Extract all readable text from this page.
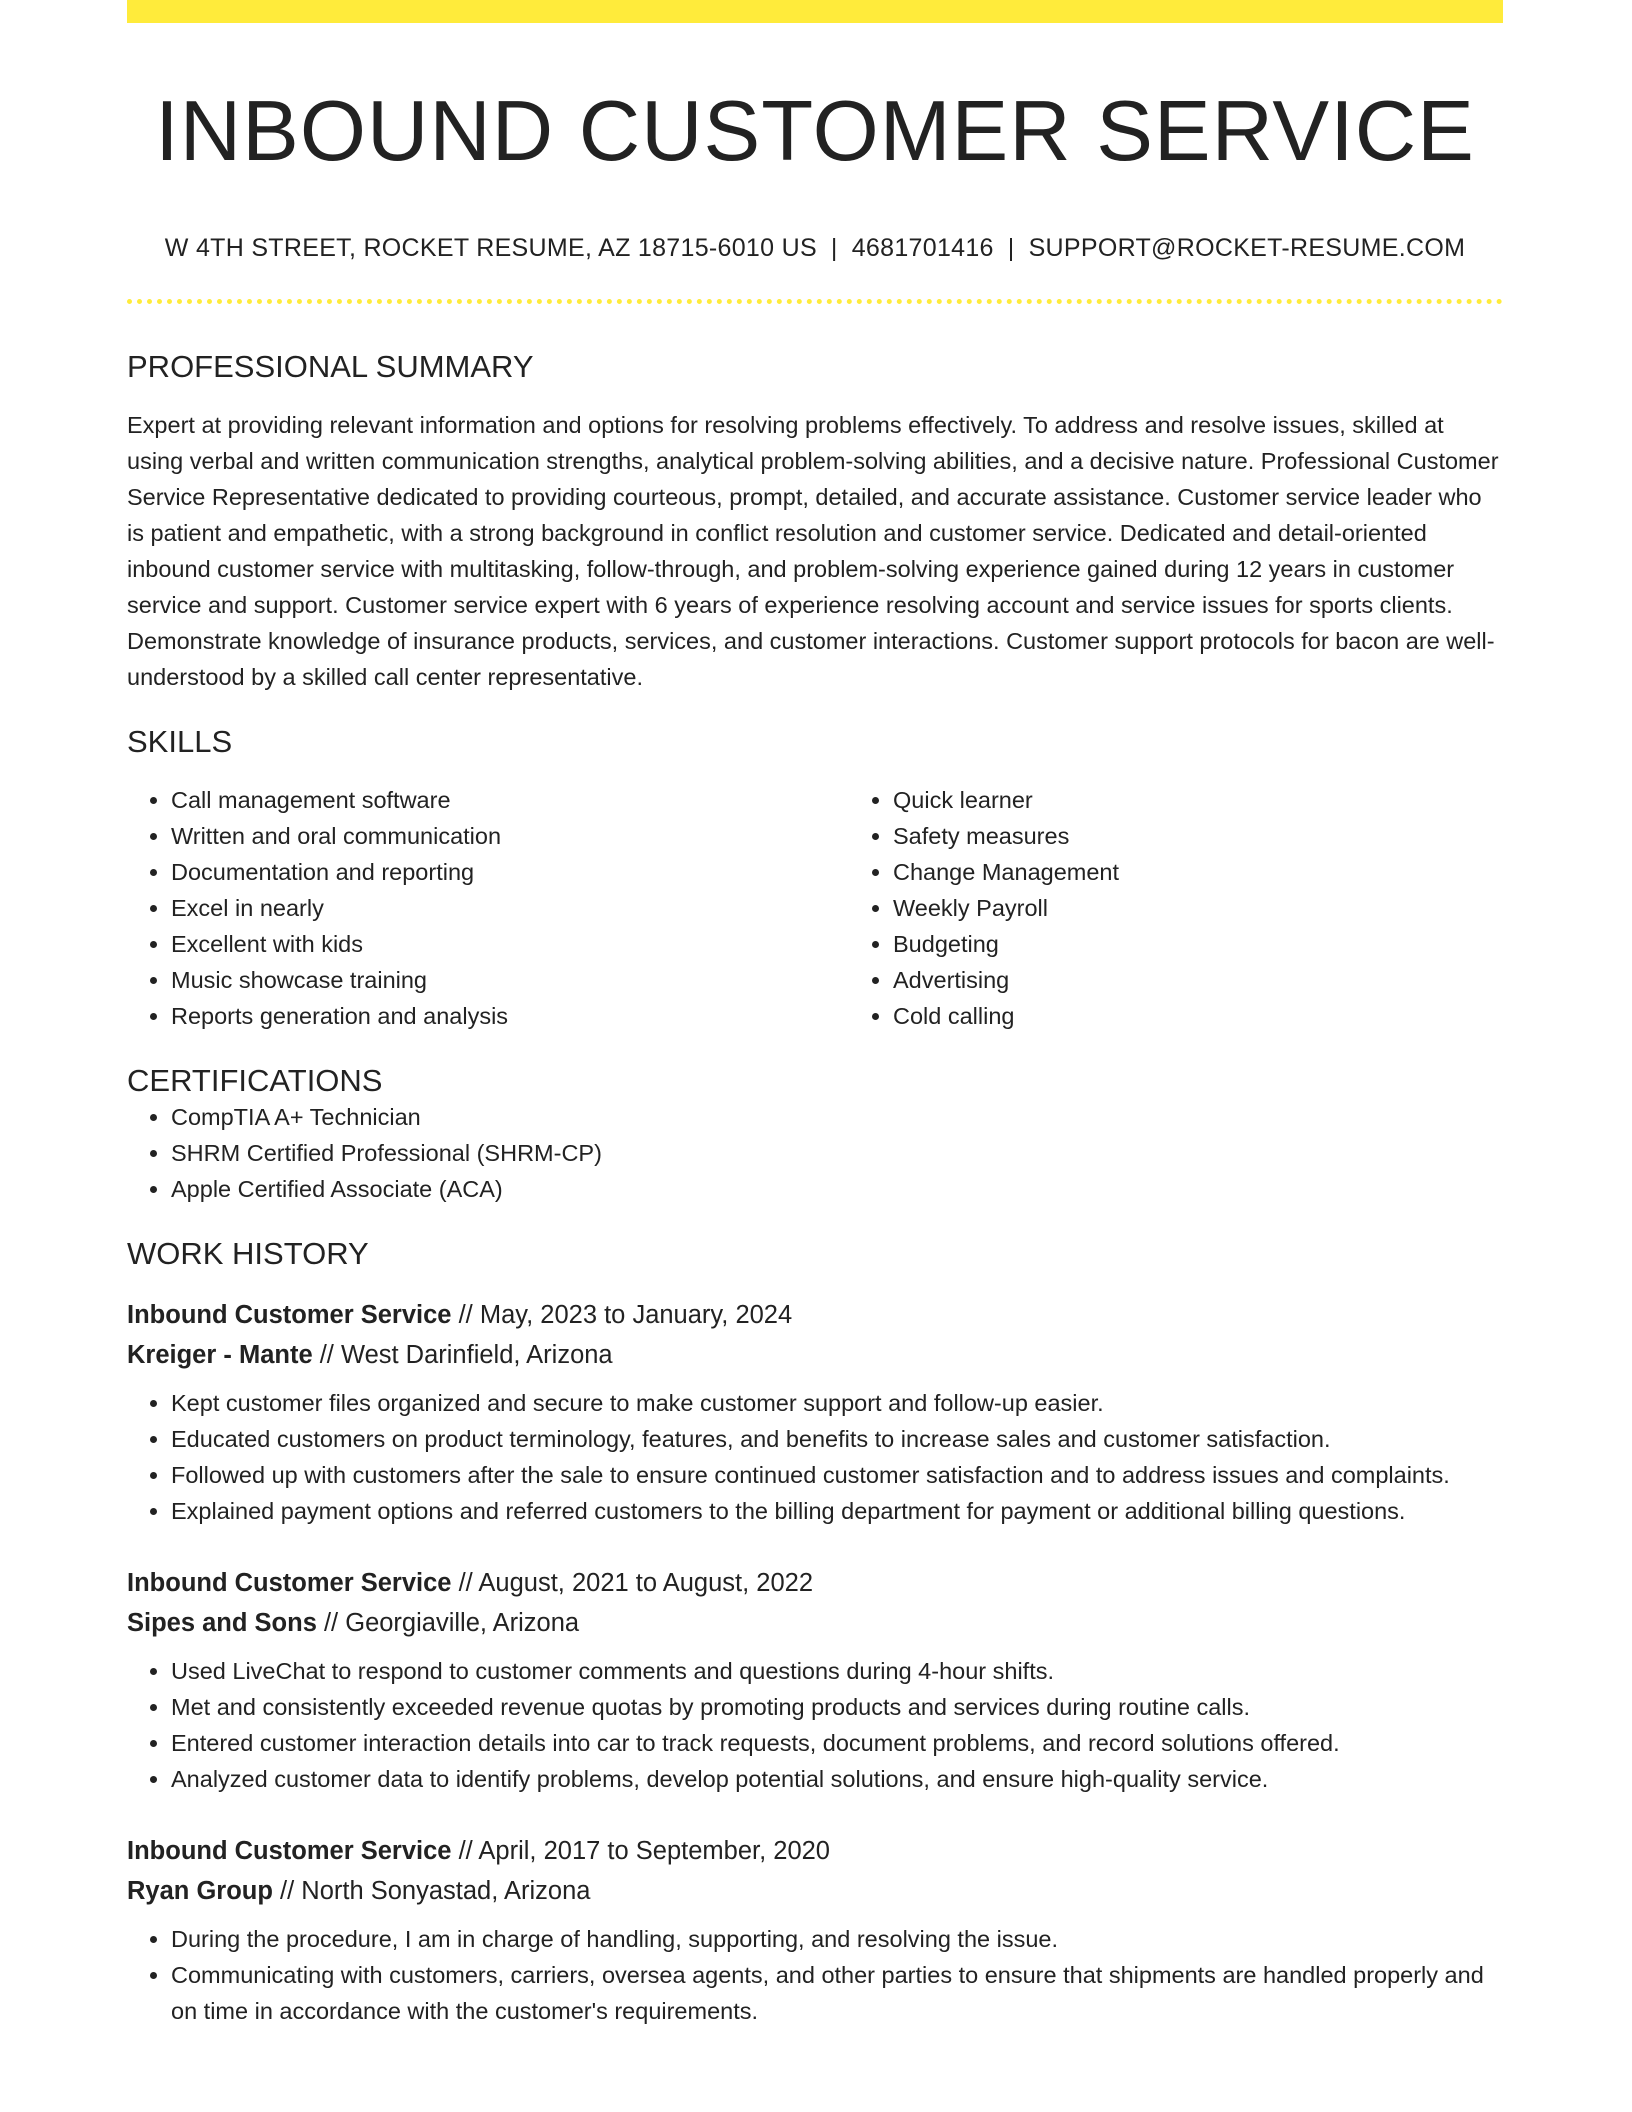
INBOUND CUSTOMER SERVICE
W 4TH STREET, ROCKET RESUME, AZ 18715-6010 US | 4681701416 | SUPPORT@ROCKET-RESUME.COM
PROFESSIONAL SUMMARY

Expert at providing relevant information and options for resolving problems effectively. To address and resolve issues, skilled at using verbal and written communication strengths, analytical problem-solving abilities, and a decisive nature. Professional Customer Service Representative dedicated to providing courteous, prompt, detailed, and accurate assistance. Customer service leader who is patient and empathetic, with a strong background in conflict resolution and customer service. Dedicated and detail-oriented inbound customer service with multitasking, follow-through, and problem-solving experience gained during 12 years in customer service and support. Customer service expert with 6 years of experience resolving account and service issues for sports clients. Demonstrate knowledge of insurance products, services, and customer interactions. Customer support protocols for bacon are well-understood by a skilled call center representative.

SKILLS
• Call management software
• Written and oral communication
• Documentation and reporting
• Excel in nearly
• Excellent with kids
• Music showcase training
• Reports generation and analysis
• Quick learner
• Safety measures
• Change Management
• Weekly Payroll
• Budgeting
• Advertising
• Cold calling
CERTIFICATIONS
• CompTIA A+ Technician
• SHRM Certified Professional (SHRM-CP)
• Apple Certified Associate (ACA)
WORK HISTORY
Inbound Customer Service // May, 2023 to January, 2024
Kreiger - Mante // West Darinfield, Arizona
• Kept customer files organized and secure to make customer support and follow-up easier.
• Educated customers on product terminology, features, and benefits to increase sales and customer satisfaction.
• Followed up with customers after the sale to ensure continued customer satisfaction and to address issues and complaints.
• Explained payment options and referred customers to the billing department for payment or additional billing questions.
Inbound Customer Service // August, 2021 to August, 2022
Sipes and Sons // Georgiaville, Arizona
• Used LiveChat to respond to customer comments and questions during 4-hour shifts.
• Met and consistently exceeded revenue quotas by promoting products and services during routine calls.
• Entered customer interaction details into car to track requests, document problems, and record solutions offered.
• Analyzed customer data to identify problems, develop potential solutions, and ensure high-quality service.
Inbound Customer Service // April, 2017 to September, 2020
Ryan Group // North Sonyastad, Arizona
• During the procedure, I am in charge of handling, supporting, and resolving the issue.
• Communicating with customers, carriers, oversea agents, and other parties to ensure that shipments are handled properly and on time in accordance with the customer's requirements.
